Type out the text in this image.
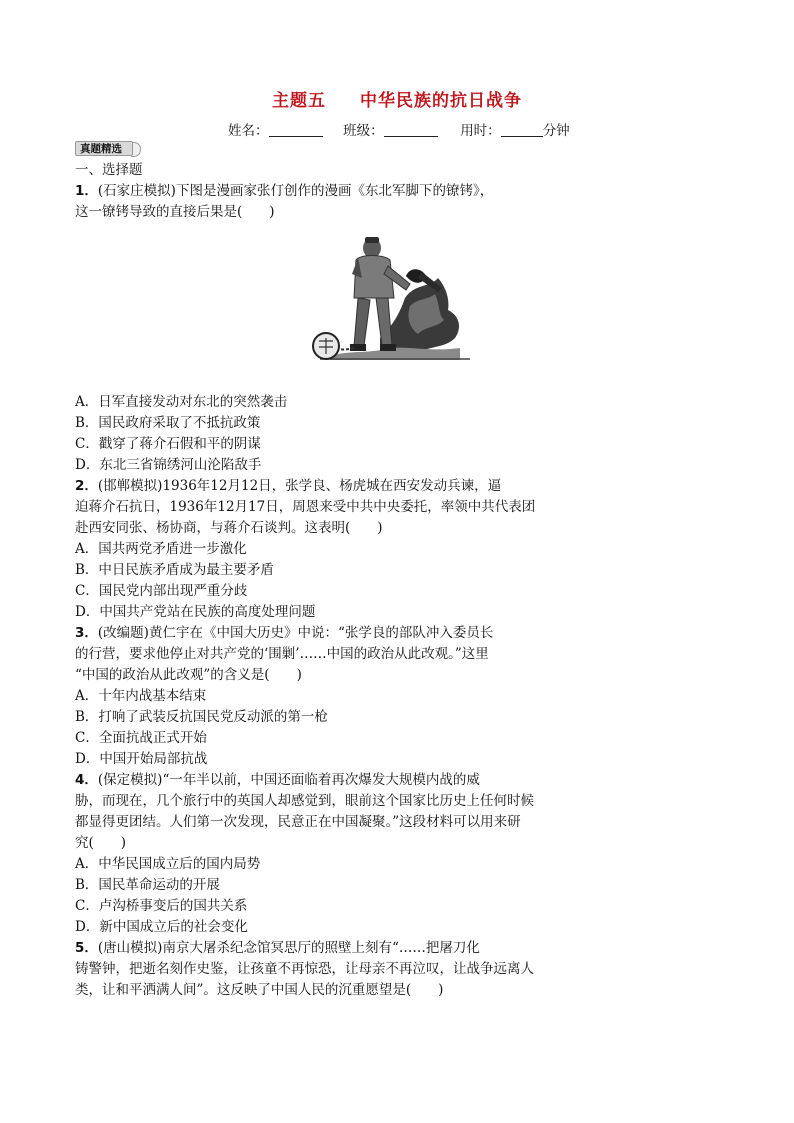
主题五 中华民族的抗日战争
姓名：	班级：	用时：	分钟
真题精选
一、选择题
1．(石家庄模拟)下图是漫画家张仃创作的漫画《东北军脚下的镣铐》，
这一镣铐导致的直接后果是(　　)
A．日军直接发动对东北的突然袭击
B．国民政府采取了不抵抗政策
C．戳穿了蒋介石假和平的阴谋
D．东北三省锦绣河山沦陷敌手
2．(邯郸模拟)1936年12月12日，张学良、杨虎城在西安发动兵谏，逼
迫蒋介石抗日，1936年12月17日，周恩来受中共中央委托，率领中共代表团
赴西安同张、杨协商，与蒋介石谈判。这表明(　　)
A．国共两党矛盾进一步激化
B．中日民族矛盾成为最主要矛盾
C．国民党内部出现严重分歧
D．中国共产党站在民族的高度处理问题
3．(改编题)黄仁宇在《中国大历史》中说：“张学良的部队冲入委员长
的行营，要求他停止对共产党的‘围剿’……中国的政治从此改观。”这里
“中国的政治从此改观”的含义是(　　)
A．十年内战基本结束
B．打响了武装反抗国民党反动派的第一枪
C．全面抗战正式开始
D．中国开始局部抗战
4．(保定模拟)“一年半以前，中国还面临着再次爆发大规模内战的威
胁，而现在，几个旅行中的英国人却感觉到，眼前这个国家比历史上任何时候
都显得更团结。人们第一次发现，民意正在中国凝聚。”这段材料可以用来研
究(　　)
A．中华民国成立后的国内局势
B．国民革命运动的开展
C．卢沟桥事变后的国共关系
D．新中国成立后的社会变化
5．(唐山模拟)南京大屠杀纪念馆冥思厅的照壁上刻有“……把屠刀化
铸警钟，把逝名刻作史鉴，让孩童不再惊恐，让母亲不再泣叹，让战争远离人
类，让和平洒满人间”。这反映了中国人民的沉重愿望是(　　)
